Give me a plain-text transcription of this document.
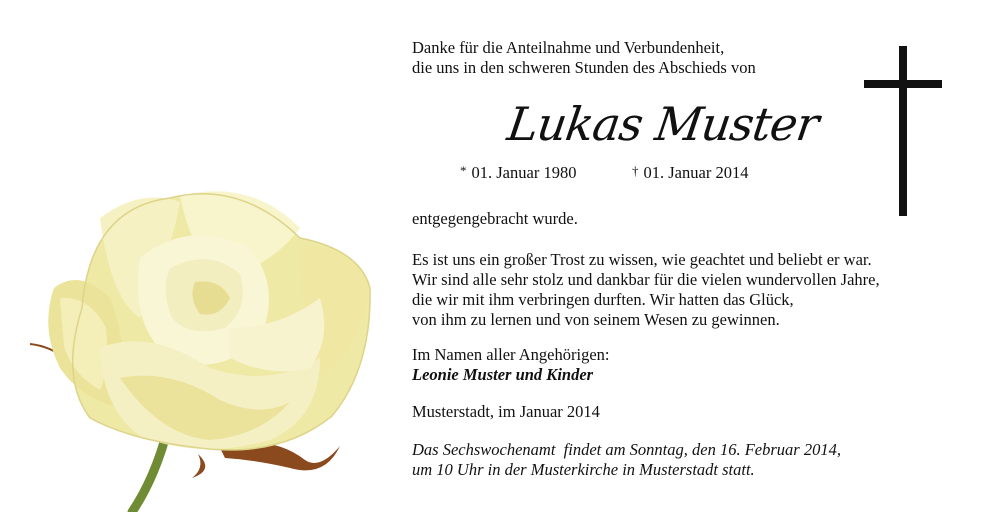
Danke für die Anteilnahme und Verbundenheit,
die uns in den schweren Stunden des Abschieds von
Lukas Muster
* 01. Januar 1980	† 01. Januar 2014
entgegengebracht wurde.
Es ist uns ein großer Trost zu wissen, wie geachtet und beliebt er war.
Wir sind alle sehr stolz und dankbar für die vielen wundervollen Jahre,
die wir mit ihm verbringen durften. Wir hatten das Glück,
von ihm zu lernen und von seinem Wesen zu gewinnen.
Im Namen aller Angehörigen:
Leonie Muster und Kinder
Musterstadt, im Januar 2014
Das Sechswochenamt  findet am Sonntag, den 16. Februar 2014,
um 10 Uhr in der Musterkirche in Musterstadt statt.
